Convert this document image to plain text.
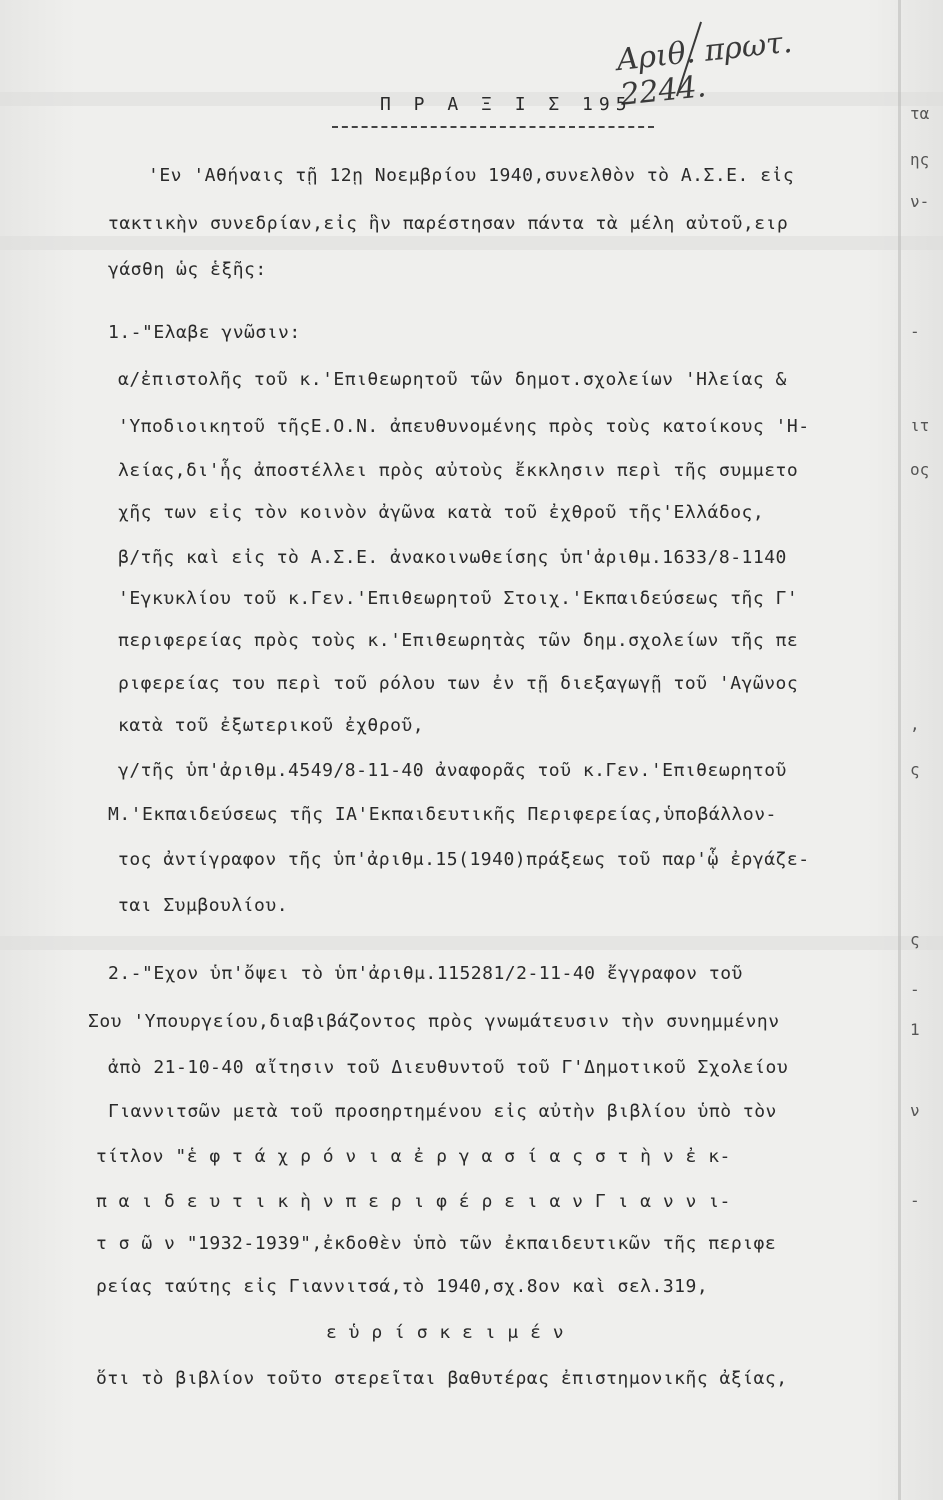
Αριθ. πρωτ. 2244.
Π Ρ Α Ξ Ι Σ 195
'Εν 'Αθήναις τῇ 12ῃ Νοεμβρίου 1940,συνελθὸν τὸ Α.Σ.Ε. εἰς
τακτικὴν συνεδρίαν,εἰς ἣν παρέστησαν πάντα τὰ μέλη αὐτοῦ,ειρ
γάσθη ὡς ἑξῆς:
1.-"Ελαβε γνῶσιν:
α/ἐπιστολῆς τοῦ κ.'Επιθεωρητοῦ τῶν δημοτ.σχολείων 'Ηλείας &
'Υποδιοικητοῦ τῆςΕ.Ο.Ν. ἀπευθυνομένης πρὸς τοὺς κατοίκους 'Η-
λείας,δι'ἧς ἀποστέλλει πρὸς αὐτοὺς ἔκκλησιν περὶ τῆς συμμετο
χῆς των εἰς τὸν κοινὸν ἀγῶνα κατὰ τοῦ ἐχθροῦ τῆς'Ελλάδος,
β/τῆς καὶ εἰς τὸ Α.Σ.Ε. ἀνακοινωθείσης ὑπ'ἀριθμ.1633/8-1140
'Εγκυκλίου τοῦ κ.Γεν.'Επιθεωρητοῦ Στοιχ.'Εκπαιδεύσεως τῆς Γ'
περιφερείας πρὸς τοὺς κ.'Επιθεωρητὰς τῶν δημ.σχολείων τῆς πε
ριφερείας του περὶ τοῦ ρόλου των ἐν τῇ διεξαγωγῇ τοῦ 'Αγῶνος
κατὰ τοῦ ἐξωτερικοῦ ἐχθροῦ,
γ/τῆς ὑπ'ἀριθμ.4549/8-11-40 ἀναφορᾶς τοῦ κ.Γεν.'Επιθεωρητοῦ
Μ.'Εκπαιδεύσεως τῆς ΙΑ'Εκπαιδευτικῆς Περιφερείας,ὑποβάλλον-
τος ἀντίγραφον τῆς ὑπ'ἀριθμ.15(1940)πράξεως τοῦ παρ'ᾧ ἐργάζε-
ται Συμβουλίου.
2.-"Εχον ὑπ'ὄψει τὸ ὑπ'ἀριθμ.115281/2-11-40 ἔγγραφον τοῦ
Σου 'Υπουργείου,διαβιβάζοντος πρὸς γνωμάτευσιν τὴν συνημμένην
ἀπὸ 21-10-40 αἴτησιν τοῦ Διευθυντοῦ τοῦ Γ'Δημοτικοῦ Σχολείου
Γιαννιτσῶν μετὰ τοῦ προσηρτημένου εἰς αὐτὴν βιβλίου ὑπὸ τὸν
τίτλον "ἑ φ τ ά χ ρ ό ν ι α ἐ ρ γ α σ ί α ς σ τ ὴ ν ἐ κ-
π α ι δ ε υ τ ι κ ὴ ν π ε ρ ι φ έ ρ ε ι α ν Γ ι α ν ν ι-
τ σ ῶ ν "1932-1939",ἐκδοθὲν ὑπὸ τῶν ἐκπαιδευτικῶν τῆς περιφε
ρείας ταύτης εἰς Γιαννιτσά,τὸ 1940,σχ.8ον καὶ σελ.319,
ε ὑ ρ ί σ κ ε ι μ έ ν
ὅτι τὸ βιβλίον τοῦτο στερεῖται βαθυτέρας ἐπιστημονικῆς ἀξίας,
τα
ης
ν-
-
ιτ
ος
,
ς
ς
-
1
ν
-
